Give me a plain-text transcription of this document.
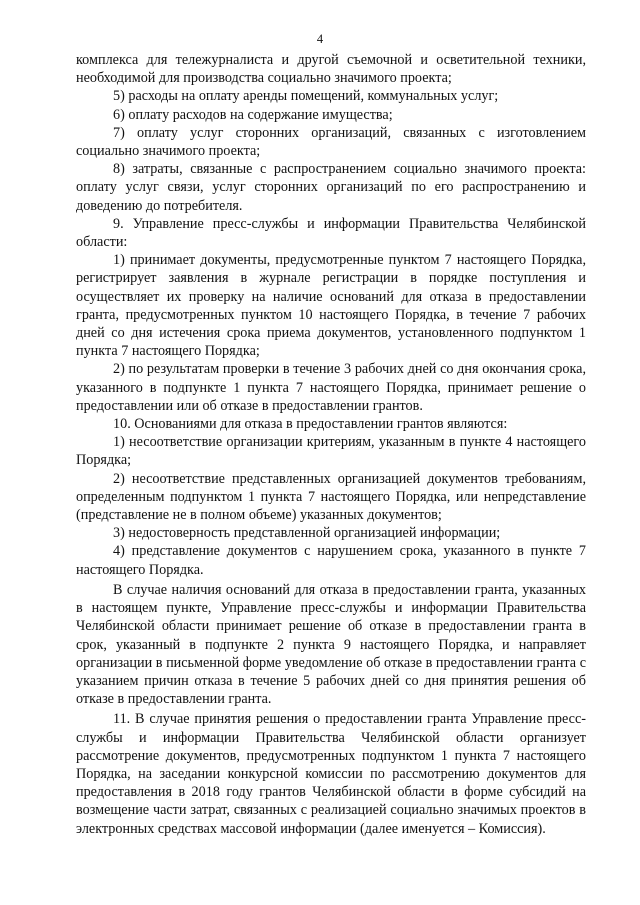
4

комплекса для тележурналиста и другой съемочной и осветительной техники, необходимой для производства социально значимого проекта;

5) расходы на оплату аренды помещений, коммунальных услуг;

6) оплату расходов на содержание имущества;

7) оплату услуг сторонних организаций, связанных с изготовлением социально значимого проекта;

8) затраты, связанные с распространением социально значимого проекта: оплату услуг связи, услуг сторонних организаций по его распространению и доведению до потребителя.

9. Управление пресс-службы и информации Правительства Челябинской области:

1) принимает документы, предусмотренные пунктом 7 настоящего Порядка, регистрирует заявления в журнале регистрации в порядке поступления и осуществляет их проверку на наличие оснований для отказа в предоставлении гранта, предусмотренных пунктом 10 настоящего Порядка, в течение 7 рабочих дней со дня истечения срока приема документов, установленного подпунктом 1 пункта 7 настоящего Порядка;

2) по результатам проверки в течение 3 рабочих дней со дня окончания срока, указанного в подпункте 1 пункта 7 настоящего Порядка, принимает решение о предоставлении или об отказе в предоставлении грантов.

10. Основаниями для отказа в предоставлении грантов являются:

1) несоответствие организации критериям, указанным в пункте 4 настоящего Порядка;

2) несоответствие представленных организацией документов требованиям, определенным подпунктом 1 пункта 7 настоящего Порядка, или непредставление (представление не в полном объеме) указанных документов;

3) недостоверность представленной организацией информации;

4) представление документов с нарушением срока, указанного в пункте 7 настоящего Порядка.

В случае наличия оснований для отказа в предоставлении гранта, указанных в настоящем пункте, Управление пресс-службы и информации Правительства Челябинской области принимает решение об отказе в предоставлении гранта в срок, указанный в подпункте 2 пункта 9 настоящего Порядка, и направляет организации в письменной форме уведомление об отказе в предоставлении гранта с указанием причин отказа в течение 5 рабочих дней со дня принятия решения об отказе в предоставлении гранта.

11. В случае принятия решения о предоставлении гранта Управление пресс-службы и информации Правительства Челябинской области организует рассмотрение документов, предусмотренных подпунктом 1 пункта 7 настоящего Порядка, на заседании конкурсной комиссии по рассмотрению документов для предоставления в 2018 году грантов Челябинской области в форме субсидий на возмещение части затрат, связанных с реализацией социально значимых проектов в электронных средствах массовой информации (далее именуется – Комиссия).
